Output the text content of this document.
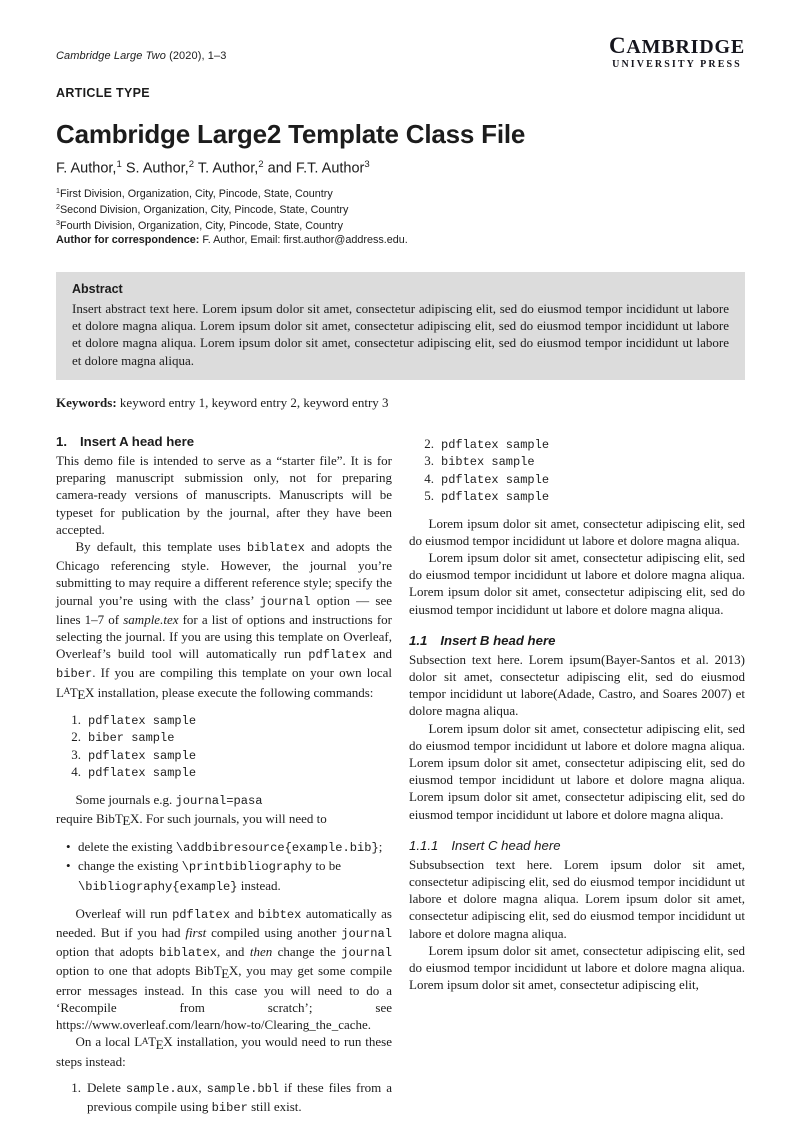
Cambridge Large Two (2020), 1–3	CAMBRIDGE
UNIVERSITY PRESS
ARTICLE TYPE
Cambridge Large2 Template Class File
F. Author,$^1$ S. Author,$^2$ T. Author,$^2$ and F.T. Author$^3$
$^1$First Division, Organization, City, Pincode, State, Country
$^2$Second Division, Organization, City, Pincode, State, Country
$^3$Fourth Division, Organization, City, Pincode, State, Country
Author for correspondence: F. Author, Email: first.author@address.edu.
Abstract

Insert abstract text here. Lorem ipsum dolor sit amet, consectetur adipiscing elit, sed do eiusmod tempor incididunt ut labore et dolore magna aliqua. Lorem ipsum dolor sit amet, consectetur adipiscing elit, sed do eiusmod tempor incididunt ut labore et dolore magna aliqua. Lorem ipsum dolor sit amet, consectetur adipiscing elit, sed do eiusmod tempor incididunt ut labore et dolore magna aliqua.

Keywords: keyword entry 1, keyword entry 2, keyword entry 3
1. Insert A head here

This demo file is intended to serve as a “starter file”. It is for preparing manuscript submission only, not for preparing camera-ready versions of manuscripts. Manuscripts will be typeset for publication by the journal, after they have been accepted.

By default, this template uses biblatex and adopts the Chicago referencing style. However, the journal you’re submitting to may require a different reference style; specify the journal you’re using with the class’ journal option — see lines 1–7 of sample.tex for a list of options and instructions for selecting the journal. If you are using this template on Overleaf, Overleaf’s build tool will automatically run pdflatex and biber. If you are compiling this template on your own local LATEX installation, please execute the following commands:

1. pdflatex sample
2. biber sample
3. pdflatex sample
4. pdflatex sample

Some journals e.g. journal=pasa
require BibTEX. For such journals, you will need to

• delete the existing \addbibresource{example.bib};
• change the existing \printbibliography to be \bibliography{example} instead.

Overleaf will run pdflatex and bibtex automatically as needed. But if you had first compiled using another journal option that adopts biblatex, and then change the journal option to one that adopts BibTEX, you may get some compile error messages instead. In this case you will need to do a ‘Recompile from scratch’; see https://www.overleaf.com/learn/how-to/Clearing_the_cache.

On a local LATEX installation, you would need to run these steps instead:

1. Delete sample.aux, sample.bbl if these files from a previous compile using biber still exist.
2. pdflatex sample
3. bibtex sample
4. pdflatex sample
5. pdflatex sample

Lorem ipsum dolor sit amet, consectetur adipiscing elit, sed do eiusmod tempor incididunt ut labore et dolore magna aliqua.

Lorem ipsum dolor sit amet, consectetur adipiscing elit, sed do eiusmod tempor incididunt ut labore et dolore magna aliqua. Lorem ipsum dolor sit amet, consectetur adipiscing elit, sed do eiusmod tempor incididunt ut labore et dolore magna aliqua.

1.1 Insert B head here

Subsection text here. Lorem ipsum(Bayer-Santos et al. 2013) dolor sit amet, consectetur adipiscing elit, sed do eiusmod tempor incididunt ut labore(Adade, Castro, and Soares 2007) et dolore magna aliqua.

Lorem ipsum dolor sit amet, consectetur adipiscing elit, sed do eiusmod tempor incididunt ut labore et dolore magna aliqua. Lorem ipsum dolor sit amet, consectetur adipiscing elit, sed do eiusmod tempor incididunt ut labore et dolore magna aliqua. Lorem ipsum dolor sit amet, consectetur adipiscing elit, sed do eiusmod tempor incididunt ut labore et dolore magna aliqua.

1.1.1 Insert C head here

Subsubsection text here. Lorem ipsum dolor sit amet, consectetur adipiscing elit, sed do eiusmod tempor incididunt ut labore et dolore magna aliqua. Lorem ipsum dolor sit amet, consectetur adipiscing elit, sed do eiusmod tempor incididunt ut labore et dolore magna aliqua.

Lorem ipsum dolor sit amet, consectetur adipiscing elit, sed do eiusmod tempor incididunt ut labore et dolore magna aliqua. Lorem ipsum dolor sit amet, consectetur adipiscing elit,
